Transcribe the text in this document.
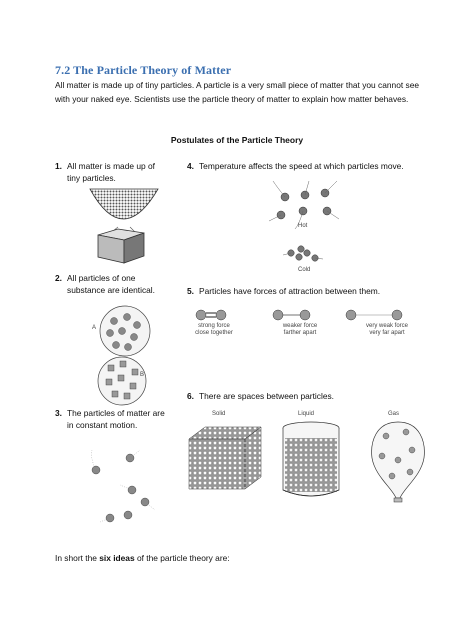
7.2 The Particle Theory of Matter
All matter is made up of tiny particles. A particle is a very small piece of matter that you cannot see with your naked eye. Scientists use the particle theory of matter to explain how matter behaves.
Postulates of the Particle Theory
1. All matter is made up of tiny particles.
4. Temperature affects the speed at which particles move.
2. All particles of one substance are identical.	5. Particles have forces of attraction between them.
6. There are spaces between particles.
3. The particles of matter are in constant motion.
Hot
Cold
A
B
strong force
close together
weaker force
farther apart
very weak force
very far apart
Solid	Liquid	Gas
In short the six ideas of the particle theory are:
